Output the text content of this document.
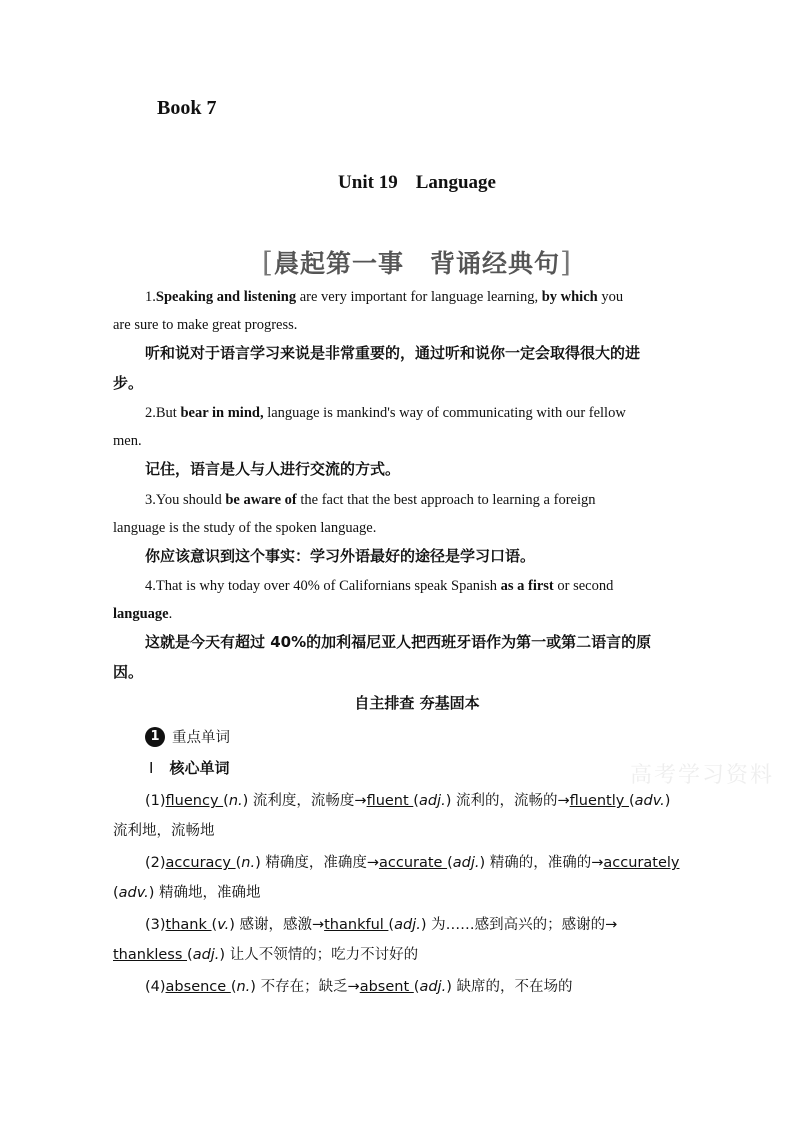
Book 7
Unit 19 Language
[晨起第一事　背诵经典句]
1.Speaking and listening are very important for language learning, by which you
are sure to make great progress.
听和说对于语言学习来说是非常重要的，通过听和说你一定会取得很大的进
步。
2.But bear in mind, language is mankind's way of communicating with our fellow
men.
记住，语言是人与人进行交流的方式。
3.You should be aware of the fact that the best approach to learning a foreign
language is the study of the spoken language.
你应该意识到这个事实：学习外语最好的途径是学习口语。
4.That is why today over 40% of Californians speak Spanish as a first or second
language.
这就是今天有超过 40%的加利福尼亚人把西班牙语作为第一或第二语言的原
因。
自主排查 夯基固本
1 重点单词
Ⅰ 核心单词	高考学习资料
(1)fluency (n.) 流利度，流畅度→fluent (adj.) 流利的，流畅的→fluently (adv.)
流利地，流畅地
(2)accuracy (n.) 精确度，准确度→accurate (adj.) 精确的，准确的→accurately
(adv.) 精确地，准确地
(3)thank (v.) 感谢，感激→thankful (adj.) 为……感到高兴的；感谢的→
thankless (adj.) 让人不领情的；吃力不讨好的
(4)absence (n.) 不存在；缺乏→absent (adj.) 缺席的，不在场的
